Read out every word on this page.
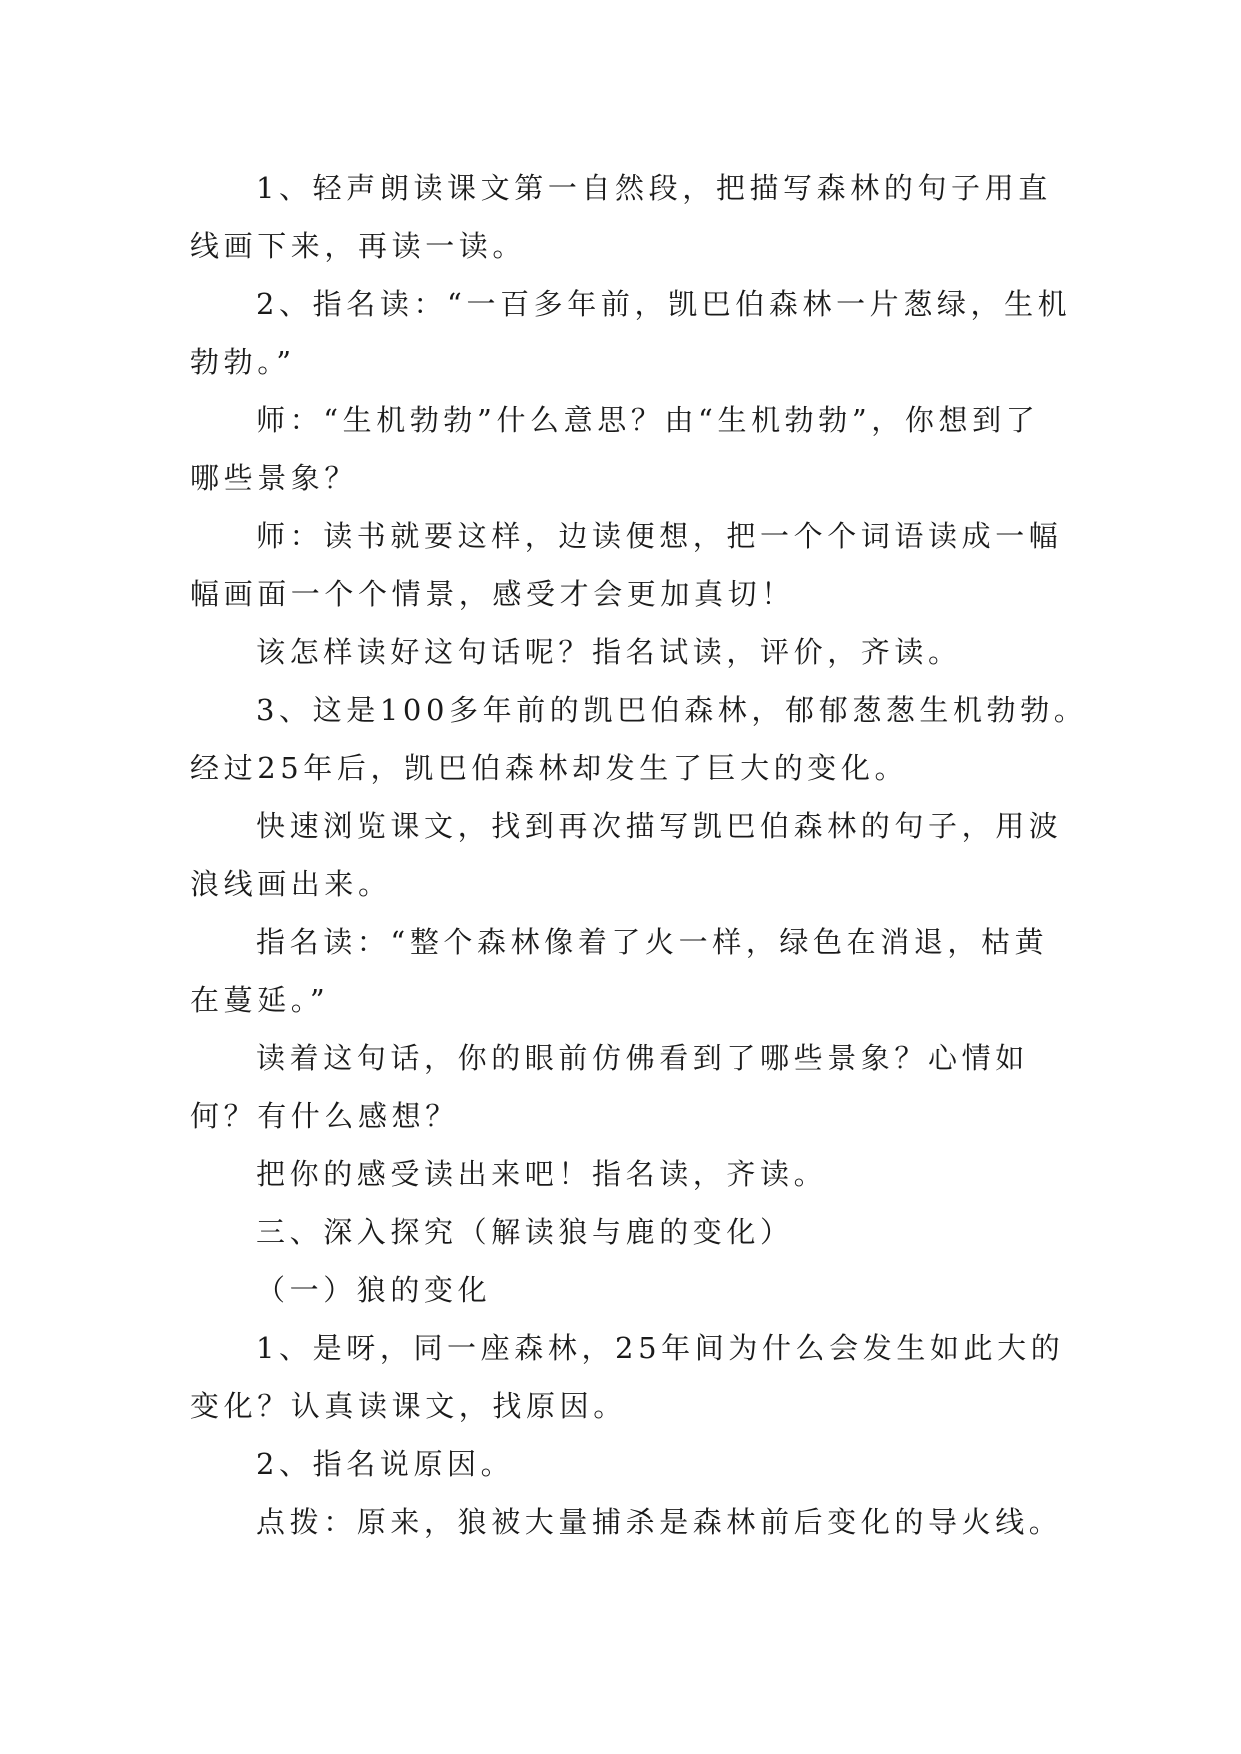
1、轻声朗读课文第一自然段，把描写森林的句子用直
线画下来，再读一读。
2、指名读：“一百多年前，凯巴伯森林一片葱绿，生机
勃勃。”
师：“生机勃勃”什么意思？由“生机勃勃”，你想到了
哪些景象？
师：读书就要这样，边读便想，把一个个词语读成一幅
幅画面一个个情景，感受才会更加真切！
该怎样读好这句话呢？指名试读，评价，齐读。
3、这是100多年前的凯巴伯森林，郁郁葱葱生机勃勃。
经过25年后，凯巴伯森林却发生了巨大的变化。
快速浏览课文，找到再次描写凯巴伯森林的句子，用波
浪线画出来。
指名读：“整个森林像着了火一样，绿色在消退，枯黄
在蔓延。”
读着这句话，你的眼前仿佛看到了哪些景象？心情如
何？有什么感想？
把你的感受读出来吧！指名读，齐读。
三、深入探究（解读狼与鹿的变化）
（一）狼的变化
1、是呀，同一座森林，25年间为什么会发生如此大的
变化？认真读课文，找原因。
2、指名说原因。
点拨：原来，狼被大量捕杀是森林前后变化的导火线。
